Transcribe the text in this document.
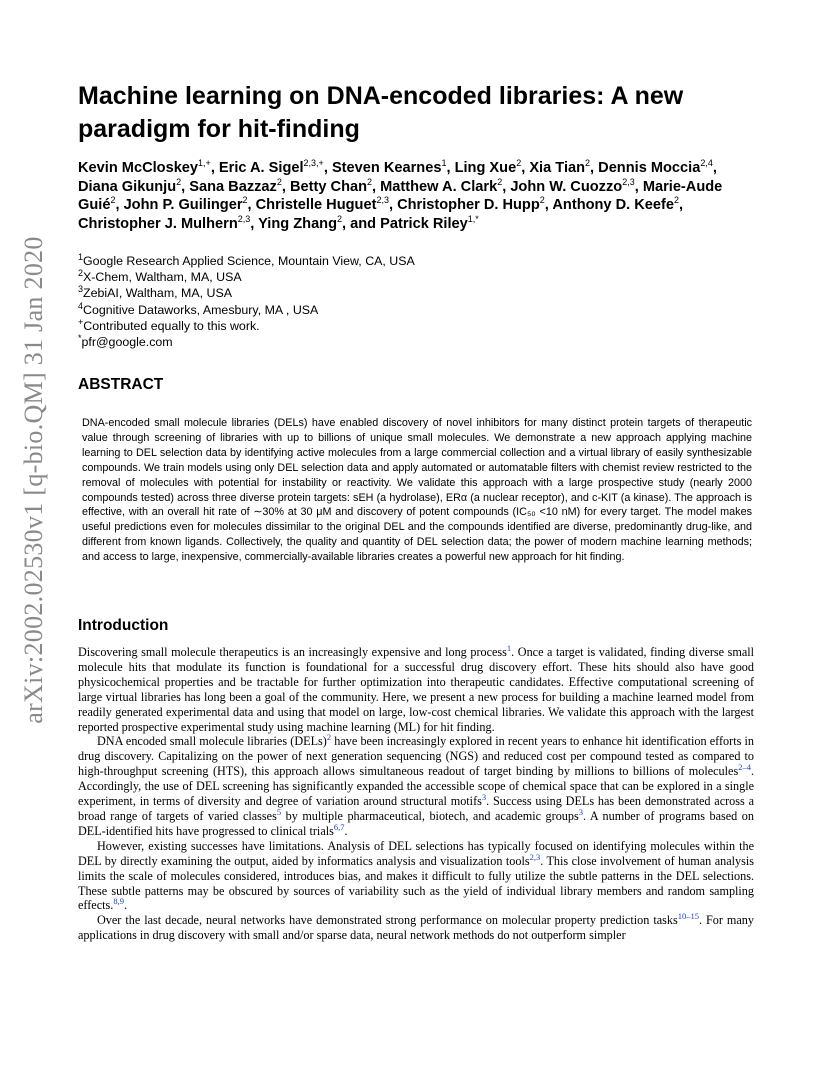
arXiv:2002.02530v1 [q-bio.QM] 31 Jan 2020
Machine learning on DNA-encoded libraries: A new paradigm for hit-finding

Kevin McCloskey$^{1,+}$, Eric A. Sigel$^{2,3,+}$, Steven Kearnes$^1$, Ling Xue$^2$, Xia Tian$^2$, Dennis Moccia$^{2,4}$, Diana Gikunju$^2$, Sana Bazzaz$^2$, Betty Chan$^2$, Matthew A. Clark$^2$, John W. Cuozzo$^{2,3}$, Marie-Aude Guié$^2$, John P. Guilinger$^2$, Christelle Huguet$^{2,3}$, Christopher D. Hupp$^2$, Anthony D. Keefe$^2$, Christopher J. Mulhern$^{2,3}$, Ying Zhang$^2$, and Patrick Riley$^{1,*}$

$^1$Google Research Applied Science, Mountain View, CA, USA
$^2$X-Chem, Waltham, MA, USA
$^3$ZebiAI, Waltham, MA, USA
$^4$Cognitive Dataworks, Amesbury, MA , USA
+Contributed equally to this work.
*pfr@google.com
ABSTRACT

DNA-encoded small molecule libraries (DELs) have enabled discovery of novel inhibitors for many distinct protein targets of therapeutic value through screening of libraries with up to billions of unique small molecules. We demonstrate a new approach applying machine learning to DEL selection data by identifying active molecules from a large commercial collection and a virtual library of easily synthesizable compounds. We train models using only DEL selection data and apply automated or automatable filters with chemist review restricted to the removal of molecules with potential for instability or reactivity. We validate this approach with a large prospective study (nearly 2000 compounds tested) across three diverse protein targets: sEH (a hydrolase), ERα (a nuclear receptor), and c-KIT (a kinase). The approach is effective, with an overall hit rate of ∼30% at 30 μM and discovery of potent compounds (IC₅₀ <10 nM) for every target. The model makes useful predictions even for molecules dissimilar to the original DEL and the compounds identified are diverse, predominantly drug-like, and different from known ligands. Collectively, the quality and quantity of DEL selection data; the power of modern machine learning methods; and access to large, inexpensive, commercially-available libraries creates a powerful new approach for hit finding.

Introduction

Discovering small molecule therapeutics is an increasingly expensive and long process$^1$. Once a target is validated, finding diverse small molecule hits that modulate its function is foundational for a successful drug discovery effort. These hits should also have good physicochemical properties and be tractable for further optimization into therapeutic candidates. Effective computational screening of large virtual libraries has long been a goal of the community. Here, we present a new process for building a machine learned model from readily generated experimental data and using that model on large, low-cost chemical libraries. We validate this approach with the largest reported prospective experimental study using machine learning (ML) for hit finding.

DNA encoded small molecule libraries (DELs)$^2$ have been increasingly explored in recent years to enhance hit identification efforts in drug discovery. Capitalizing on the power of next generation sequencing (NGS) and reduced cost per compound tested as compared to high-throughput screening (HTS), this approach allows simultaneous readout of target binding by millions to billions of molecules$^{2-4}$. Accordingly, the use of DEL screening has significantly expanded the accessible scope of chemical space that can be explored in a single experiment, in terms of diversity and degree of variation around structural motifs$^3$. Success using DELs has been demonstrated across a broad range of targets of varied classes$^5$ by multiple pharmaceutical, biotech, and academic groups$^3$. A number of programs based on DEL-identified hits have progressed to clinical trials$^{6,7}$.

However, existing successes have limitations. Analysis of DEL selections has typically focused on identifying molecules within the DEL by directly examining the output, aided by informatics analysis and visualization tools$^{2,3}$. This close involvement of human analysis limits the scale of molecules considered, introduces bias, and makes it difficult to fully utilize the subtle patterns in the DEL selections. These subtle patterns may be obscured by sources of variability such as the yield of individual library members and random sampling effects.$^{8,9}$.

Over the last decade, neural networks have demonstrated strong performance on molecular property prediction tasks$^{10-15}$. For many applications in drug discovery with small and/or sparse data, neural network methods do not outperform simpler
